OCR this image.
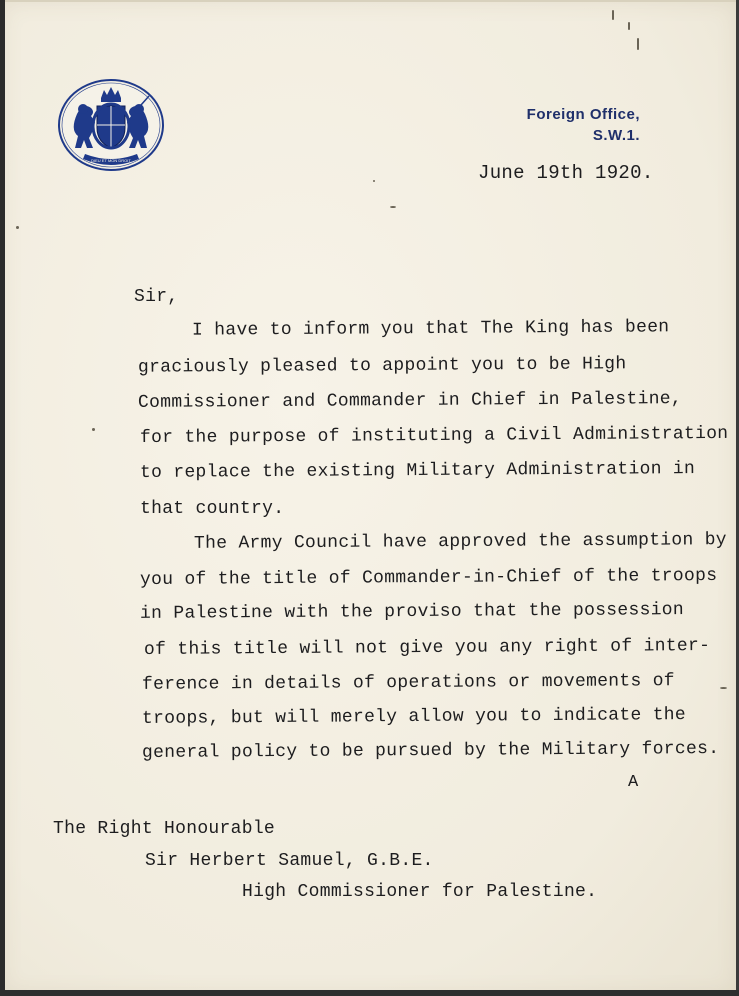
DIEU ET MON DROIT
Foreign Office,
S.W.1.
June 19th 1920.
Sir,
I have to inform you that The King has been
graciously pleased to appoint you to be High
Commissioner and Commander in Chief in Palestine,
for the purpose of instituting a Civil Administration
to replace the existing Military Administration in
that country.
The Army Council have approved the assumption by
you of the title of Commander-in-Chief of the troops
in Palestine with the proviso that the possession
of this title will not give you any right of inter-
ference in details of operations or movements of
troops, but will merely allow you to indicate the
general policy to be pursued by the Military forces.
A
The Right Honourable
Sir Herbert Samuel, G.B.E.
High Commissioner for Palestine.
